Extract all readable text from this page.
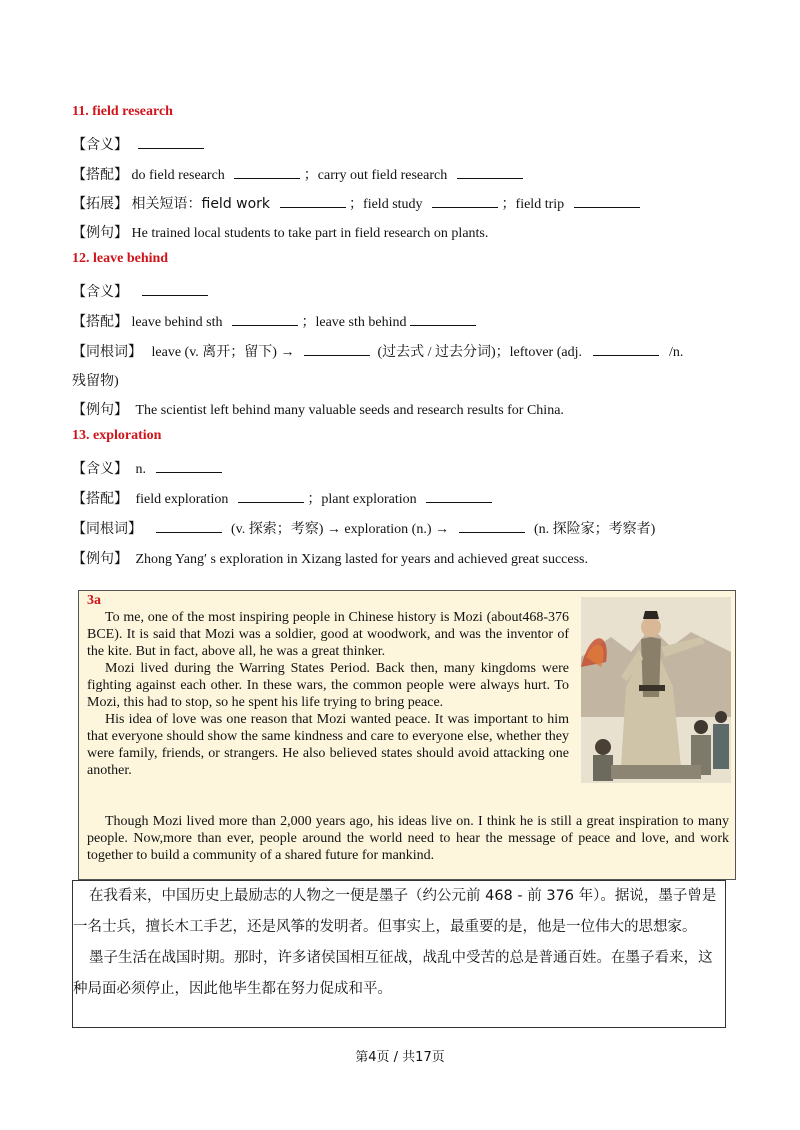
11. field research
【含义】
【搭配】 do field research	；carry out field research
【拓展】 相关短语：field work	；field study	；field trip
【例句】 He trained local students to take part in field research on plants.
12. leave behind
【含义】
【搭配】 leave behind sth	；leave sth behind
【同根词】 leave (v. 离开；留下) →	(过去式 / 过去分词)；leftover (adj.	/n.
残留物)
【例句】 The scientist left behind many valuable seeds and research results for China.
13. exploration
【含义】 n.
【搭配】 field exploration	；plant exploration
【同根词】	(v. 探索；考察) → exploration (n.) →	(n. 探险家；考察者)
【例句】 Zhong Yang′ s exploration in Xizang lasted for years and achieved great success.
3a

To me, one of the most inspiring people in Chinese history is Mozi (about468-376 BCE). It is said that Mozi was a soldier, good at woodwork, and was the inventor of the kite. But in fact, above all, he was a great thinker.

Mozi lived during the Warring States Period. Back then, many kingdoms were fighting against each other. In these wars, the common people were always hurt. To Mozi, this had to stop, so he spent his life trying to bring peace.

His idea of love was one reason that Mozi wanted peace. It was important to him that everyone should show the same kindness and care to everyone else, whether they were family, friends, or strangers. He also believed states should avoid attacking one another.

Though Mozi lived more than 2,000 years ago, his ideas live on. I think he is still a great inspiration to many people. Now,more than ever, people around the world need to hear the message of peace and love, and work together to build a community of a shared future for mankind.

在我看来，中国历史上最励志的人物之一便是墨子（约公元前 468 - 前 376 年）。据说，墨子曾是一名士兵，擅长木工手艺，还是风筝的发明者。但事实上，最重要的是，他是一位伟大的思想家。

墨子生活在战国时期。那时，许多诸侯国相互征战，战乱中受苦的总是普通百姓。在墨子看来，这种局面必须停止，因此他毕生都在努力促成和平。

第4页 / 共17页
